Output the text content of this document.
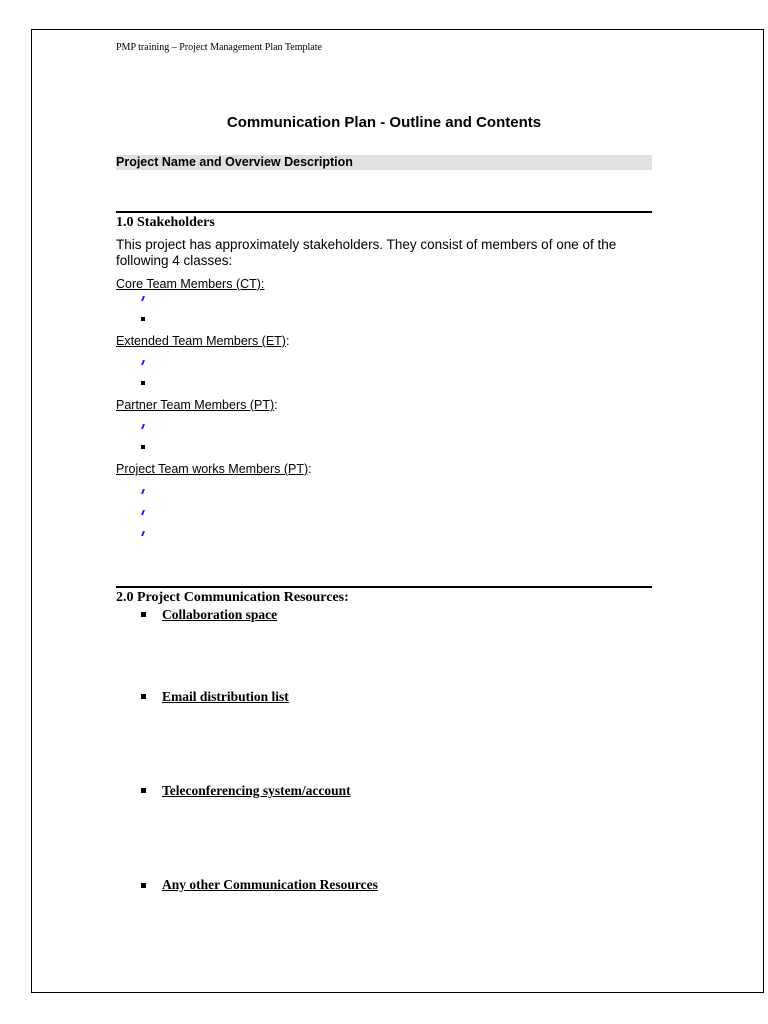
PMP training – Project Management Plan Template
Communication Plan - Outline and Contents
Project Name and Overview Description
1.0 Stakeholders
This project has approximately stakeholders. They consist of members of one of the following 4 classes:
Core Team Members (CT):
Extended Team Members (ET):
Partner Team Members (PT):
Project Team works Members (PT):
2.0 Project Communication Resources:
Collaboration space
Email distribution list
Teleconferencing system/account
Any other Communication Resources
